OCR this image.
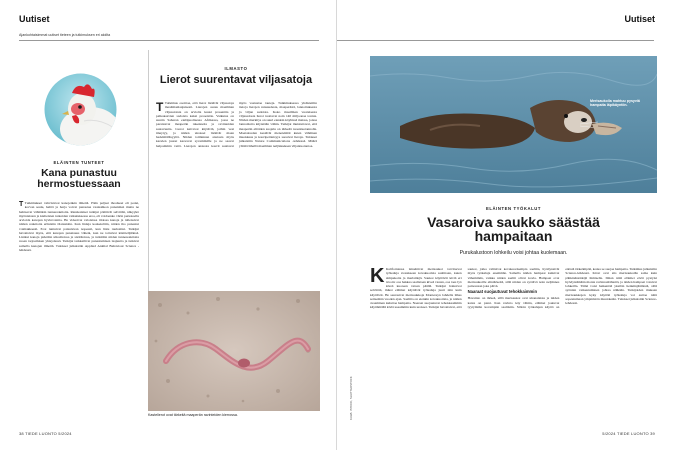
Uutiset
Ajankohtaisimmat uutiset tieteen ja tutkimuksen eri aloilta
ELÄINTEN TUNTEET
Kana punastuu hermostuessaan

T Tutkimukset vahvistavat kanojenkin ilmeitä. Pään paljaat ihoalueet eli poski, korvan seutu, helttä ja harja voivat punastua vaaleahkon punaisiksi mutta ne hehtaavat vähitäkin tunnereaktioita. Ranskalaiset tutkijat päättivät selvittää, näkyykö myönteisten ja kielteisten tunteiden vaikutuksessa eroa, eli voidaanko värin perusteella arvioida kanojen hyvinvointia. He videoivat valoisissa tiloissa kanoja ja tallensivat niiden reaktioita erilaisiin tilanteisiin. Kun lintuja kosketeltiin, niiden iho punastui voimakkaasti. Erot tuntuivat palautuvan nopeasti, kun lintu rauhoittui. Tutkijat havaitsivat myös, että kanojen punaisuus väheni, kun ne tottuivat käsittelijäänsä. Lisäksi kanoja pidettiin ulkotiloissa ja sisätiloissa, ja tutkittiin niiden tunnereaktioita ruoan tarjoamisen yhteydessä. Tutkijat tarkkailivat punastumisen laajuutta ja tutkivat samalla kanojen ilmeitä. Tulokset julkaistiin Applied Animal Behaviour Science -lehdessä.

ILMASTO
Lierot suurentavat viljasatoja

T Tutkimus osoittaa, että lierot lisäävät viljasatoja maailmanlaajuisesti. Lierojen osuus maailman viljasatoista on arviolta kuusi prosenttia ja palkokasvien sadoista kaksi prosenttia. Vaikutus on suurin Saharan eteläpuolisessa Afrikassa, jossa ne parantavat maaperän rakennetta ja ravinteiden saatavuutta. Lierot kaivavat käytäviä, joihin vesi imeytyy, ja niiden ulosteet lisäävät maan hedelmällisyyttä. Niiden toiminnan ansiosta myös kasvien juuret kasvavat syvemmälle ja ne saavat helpommin vettä. Lierojen ansiosta kasvit saattavat myös vastustaa tauteja. Tutkimuksessa yhdistettiin tietoja lierojen runsaudesta, maaperästä, lannoituksesta ja viljan sadoista. Koko maailman vuotuisesta viljasadosta lierot tuottavat noin 140 miljoonaa tonnia. Niiden merkitys on suuri etenkin köyhissä maissa, joissa lannoitteita käytetään vähän. Tutkijat muistuttavat, että maaperän eliöiden suojelu on tärkeää ruoantuotannolle. Maatalouden kestävät menetelmät kuten vähäinen muokkaus ja kasvipeitteisyys suosivat lieroja. Tulokset julkaistiin Nature Communications -lehdessä. Määrä ylittää lähellä maailman neljänneksen viljantuotantoa.

Kastelierot ovat tärkeitä maaperän ravinteiden kierrossa.
38 TIEDE LUONTO 5/2024
Uutiset
Merisaukolla mahtuu pysyviä hampaita läpikäyntiin.
ELÄINTEN TYÖKALUT
Vasaroiva saukko säästää hampaitaan
Purukalustoon lohkeilu voisi johtaa kuolemaan.
KUVA: ISTOCK, SHUTTERSTOCK

K Kaliforniassa lainehtivat merisaukot tarvitsevat työkaluja avatakseen kovakuorisia saaliitaan, kuten simpukoita ja merisiilejä. Saukot käyttävät kiviä eri tavoin: osa hakkaa saalistaan kiveä vasten, osa taas lyö kiveä kuoreen vatsan päällä. Tutkijat halusivat selvittää, miksi eläimet käyttävät työkaluja juuri niin kuin käyttävät. He seurasivat merisaukkoja Montereyn lahdella lähes seitsemän vuoden ajan. Saaliita on etenkin kovakuorisia, ja niiden avaaminen kuluttaa hampaita. Naaraat suojautuvat tehokkaammin käyttämällä kiviä useammin kuin urokset. Tutkijat havaitsivat, että saukot, jotka valitsivat kovakuorisempia saaliita, hyödynsivät myös työkaluja enemmän. Samalla niiden hampaat kuluivat vähemmän, vaikka niiden saaliit olivat kovia. Hampaat ovat merisaukoille elintärkeitä, sillä niiden on syötävä noin neljännes painostaan joka päivä.

Naaraat suojautuvat tehokkaimmin

Havainto on tärkeä, sillä merisaukot ovat uhanalaisia ja niiden kanta on pieni. Kun ravinto käy vähiin, eläimet joutuvat tyytymään kovempiin saaliisiin. Silloin työkalujen käyttö on entistä tärkeämpää, koska se suojaa hampaita. Tutkimus julkaistiin Science-lehdessä. Kivet ovat siis merisaukoille sama kuin pähkinänsärkijä ihmiselle. Ilman niitä eläimet eivät pystyisi hyödyntämään monia ravinnonlähteitä, ja niiden hampaat voisivat lohkeilla. Tämä voisi heikentää yksilön henkiinjäämistä, sillä syönnin vaikeutuminen johtaa nälkään. Tutkijoiden mukaan merisaukkojen kyky käyttää työkaluja voi auttaa niitä sopeutumaan ympäristön muutoksiin. Tulokset julkaistiin Science-lehdessä.

5/2024 TIEDE LUONTO 39
